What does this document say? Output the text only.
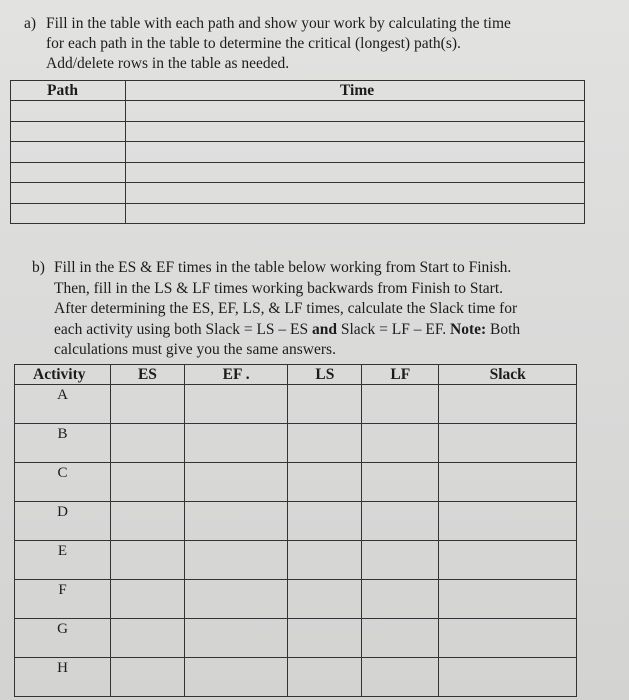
a) Fill in the table with each path and show your work by calculating the time
for each path in the table to determine the critical (longest) path(s).
Add/delete rows in the table as needed.
Path	Time

b) Fill in the ES & EF times in the table below working from Start to Finish.
Then, fill in the LS & LF times working backwards from Finish to Start.
After determining the ES, EF, LS, & LF times, calculate the Slack time for
each activity using both Slack = LS – ES and Slack = LF – EF. Note: Both
calculations must give you the same answers.
Activity	ES	EF .	LS	LF	Slack
A					
B					
C					
D					
E					
F					
G					
H					
